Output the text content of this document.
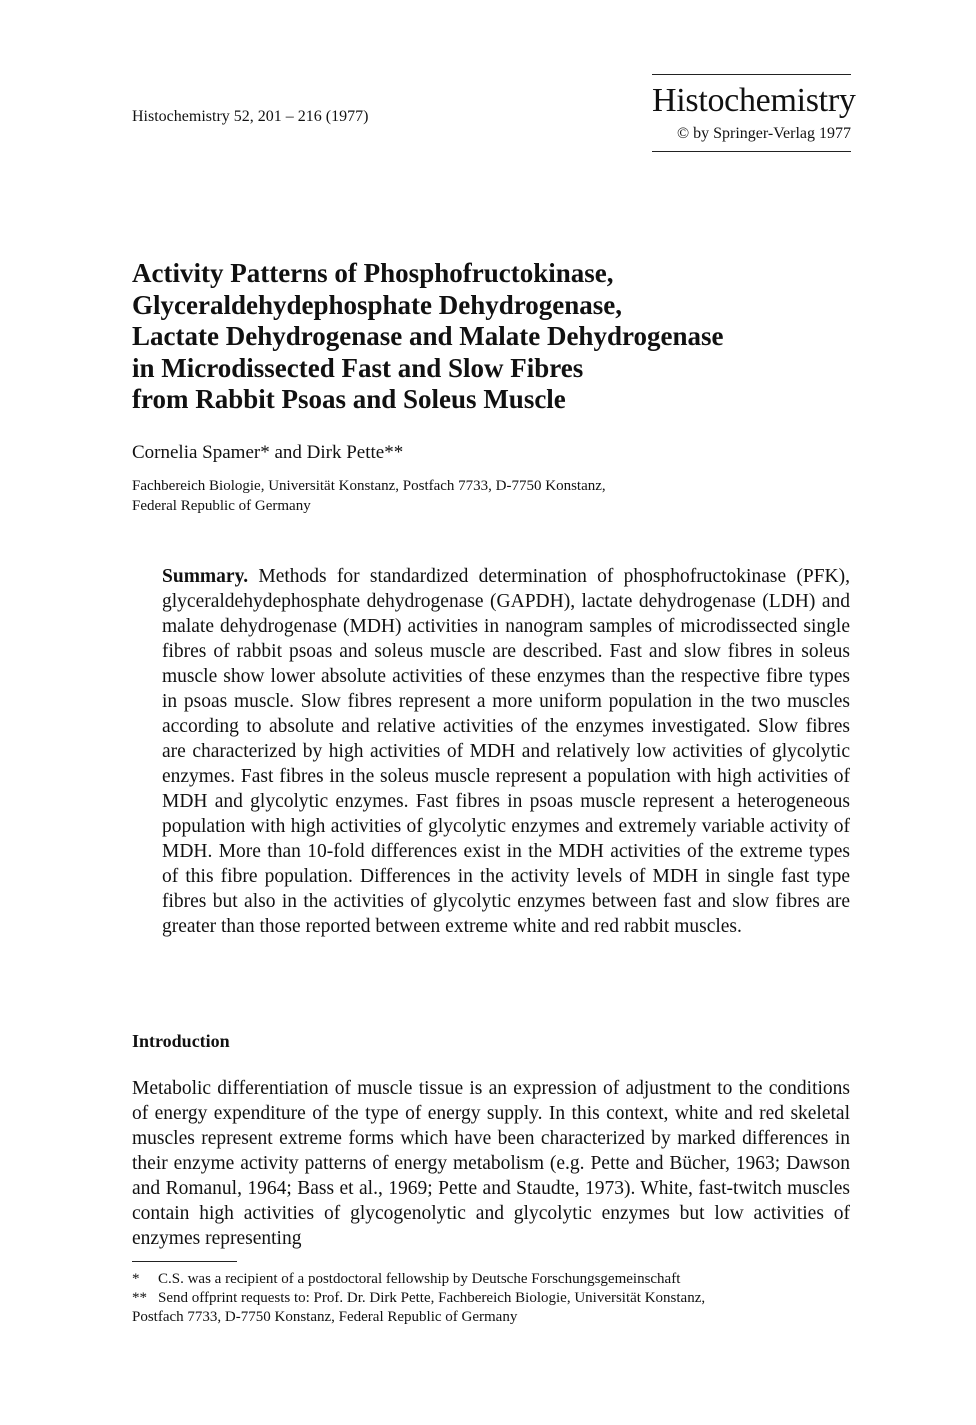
Histochemistry 52, 201 – 216 (1977)	Histochemistry
© by Springer-Verlag 1977
Activity Patterns of Phosphofructokinase,
Glyceraldehydephosphate Dehydrogenase,
Lactate Dehydrogenase and Malate Dehydrogenase
in Microdissected Fast and Slow Fibres
from Rabbit Psoas and Soleus Muscle
Cornelia Spamer* and Dirk Pette**
Fachbereich Biologie, Universität Konstanz, Postfach 7733, D-7750 Konstanz,
Federal Republic of Germany
Summary. Methods for standardized determination of phosphofructokinase (PFK), glyceraldehydephosphate dehydrogenase (GAPDH), lactate dehydrogenase (LDH) and malate dehydrogenase (MDH) activities in nanogram samples of microdissected single fibres of rabbit psoas and soleus muscle are described. Fast and slow fibres in soleus muscle show lower absolute activities of these enzymes than the respective fibre types in psoas muscle. Slow fibres represent a more uniform population in the two muscles according to absolute and relative activities of the enzymes investigated. Slow fibres are characterized by high activities of MDH and relatively low activities of glycolytic enzymes. Fast fibres in the soleus muscle represent a population with high activities of MDH and glycolytic enzymes. Fast fibres in psoas muscle represent a heterogeneous population with high activities of glycolytic enzymes and extremely variable activity of MDH. More than 10-fold differences exist in the MDH activities of the extreme types of this fibre population. Differences in the activity levels of MDH in single fast type fibres but also in the activities of glycolytic enzymes between fast and slow fibres are greater than those reported between extreme white and red rabbit muscles.
Introduction
Metabolic differentiation of muscle tissue is an expression of adjustment to the conditions of energy expenditure of the type of energy supply. In this context, white and red skeletal muscles represent extreme forms which have been characterized by marked differences in their enzyme activity patterns of energy metabolism (e.g. Pette and Bücher, 1963; Dawson and Romanul, 1964; Bass et al., 1969; Pette and Staudte, 1973). White, fast-twitch muscles contain high activities of glycogenolytic and glycolytic enzymes but low activities of enzymes representing
*	C.S. was a recipient of a postdoctoral fellowship by Deutsche Forschungsgemeinschaft
** Send offprint requests to: Prof. Dr. Dirk Pette, Fachbereich Biologie, Universität Konstanz,
Postfach 7733, D-7750 Konstanz, Federal Republic of Germany
